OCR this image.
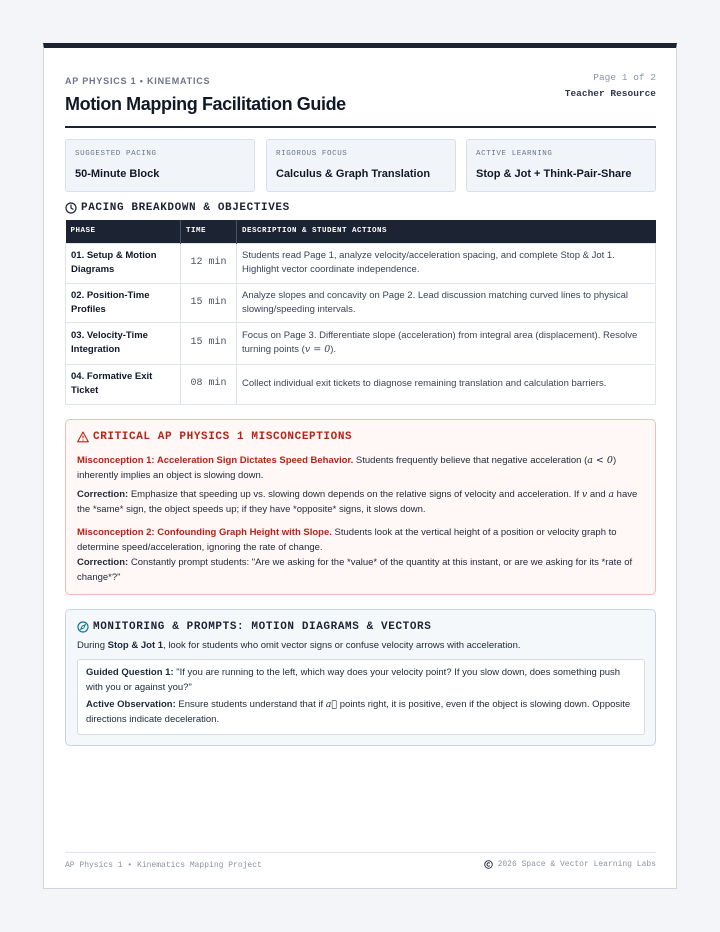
AP PHYSICS 1 • KINEMATICS
Motion Mapping Facilitation Guide
Page 1 of 2
Teacher Resource
SUGGESTED PACING
50-Minute Block
RIGOROUS FOCUS
Calculus & Graph Translation
ACTIVE LEARNING
Stop & Jot + Think-Pair-Share
PACING BREAKDOWN & OBJECTIVES
PHASE	TIME	DESCRIPTION & STUDENT ACTIONS
01. Setup & Motion Diagrams	12 min	Students read Page 1, analyze velocity/acceleration spacing, and complete Stop & Jot 1. Highlight vector coordinate independence.
02. Position-Time Profiles	15 min	Analyze slopes and concavity on Page 2. Lead discussion matching curved lines to physical slowing/speeding intervals.
03. Velocity-Time Integration	15 min	Focus on Page 3. Differentiate slope (acceleration) from integral area (displacement). Resolve turning points (v = 0).
04. Formative Exit Ticket	08 min	Collect individual exit tickets to diagnose remaining translation and calculation barriers.
CRITICAL AP PHYSICS 1 MISCONCEPTIONS

Misconception 1: Acceleration Sign Dictates Speed Behavior. Students frequently believe that negative acceleration (a < 0) inherently implies an object is slowing down.

Correction: Emphasize that speeding up vs. slowing down depends on the relative signs of velocity and acceleration. If v and a have the *same* sign, the object speeds up; if they have *opposite* signs, it slows down.

Misconception 2: Confounding Graph Height with Slope. Students look at the vertical height of a position or velocity graph to determine speed/acceleration, ignoring the rate of change.

Correction: Constantly prompt students: "Are we asking for the *value* of the quantity at this instant, or are we asking for its *rate of change*?"

MONITORING & PROMPTS: MOTION DIAGRAMS & VECTORS
During Stop & Jot 1, look for students who omit vector signs or confuse velocity arrows with acceleration.

Guided Question 1: "If you are running to the left, which way does your velocity point? If you slow down, does something push with you or against you?"

Active Observation: Ensure students understand that if a⃗ points right, it is positive, even if the object is slowing down. Opposite directions indicate deceleration.

AP Physics 1 • Kinematics Mapping Project	2026 Space & Vector Learning Labs
